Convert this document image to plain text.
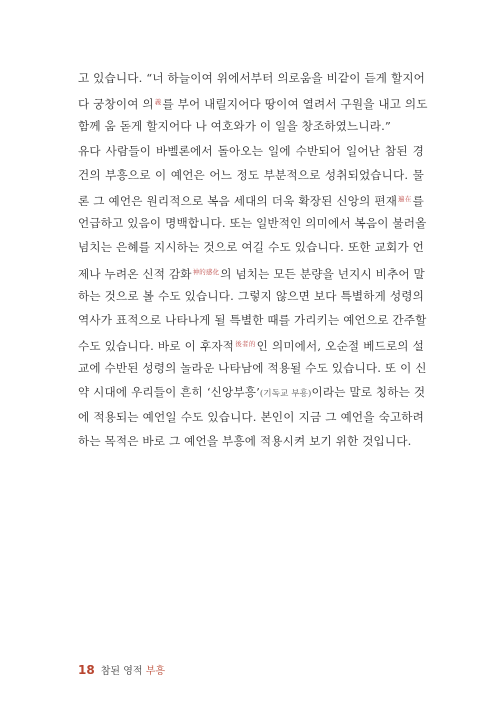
고 있습니다. “너 하늘이여 위에서부터 의로움을 비같이 듣게 할지어
다 궁창이여 의$^義$를 부어 내릴지어다 땅이여 열려서 구원을 내고 의도
함께 움 돋게 할지어다 나 여호와가 이 일을 창조하였느니라.”
유다 사람들이 바벨론에서 돌아오는 일에 수반되어 일어난 참된 경
건의 부흥으로 이 예언은 어느 정도 부분적으로 성취되었습니다. 물
론 그 예언은 원리적으로 복음 세대의 더욱 확장된 신앙의 편재$^{遍在}$를
언급하고 있음이 명백합니다. 또는 일반적인 의미에서 복음이 불러올
넘치는 은혜를 지시하는 것으로 여길 수도 있습니다. 또한 교회가 언
제나 누려온 신적 감화$^{神的感化}$의 넘치는 모든 분량을 넌지시 비추어 말
하는 것으로 볼 수도 있습니다. 그렇지 않으면 보다 특별하게 성령의
역사가 표적으로 나타나게 될 특별한 때를 가리키는 예언으로 간주할
수도 있습니다. 바로 이 후자적$^{後者的}$인 의미에서, 오순절 베드로의 설
교에 수반된 성령의 놀라운 나타남에 적용될 수도 있습니다. 또 이 신
약 시대에 우리들이 흔히 ‘신앙부흥’(기독교 부흥)이라는 말로 칭하는 것
에 적용되는 예언일 수도 있습니다. 본인이 지금 그 예언을 숙고하려
하는 목적은 바로 그 예언을 부흥에 적용시켜 보기 위한 것입니다.
18 참된 영적 부흥
